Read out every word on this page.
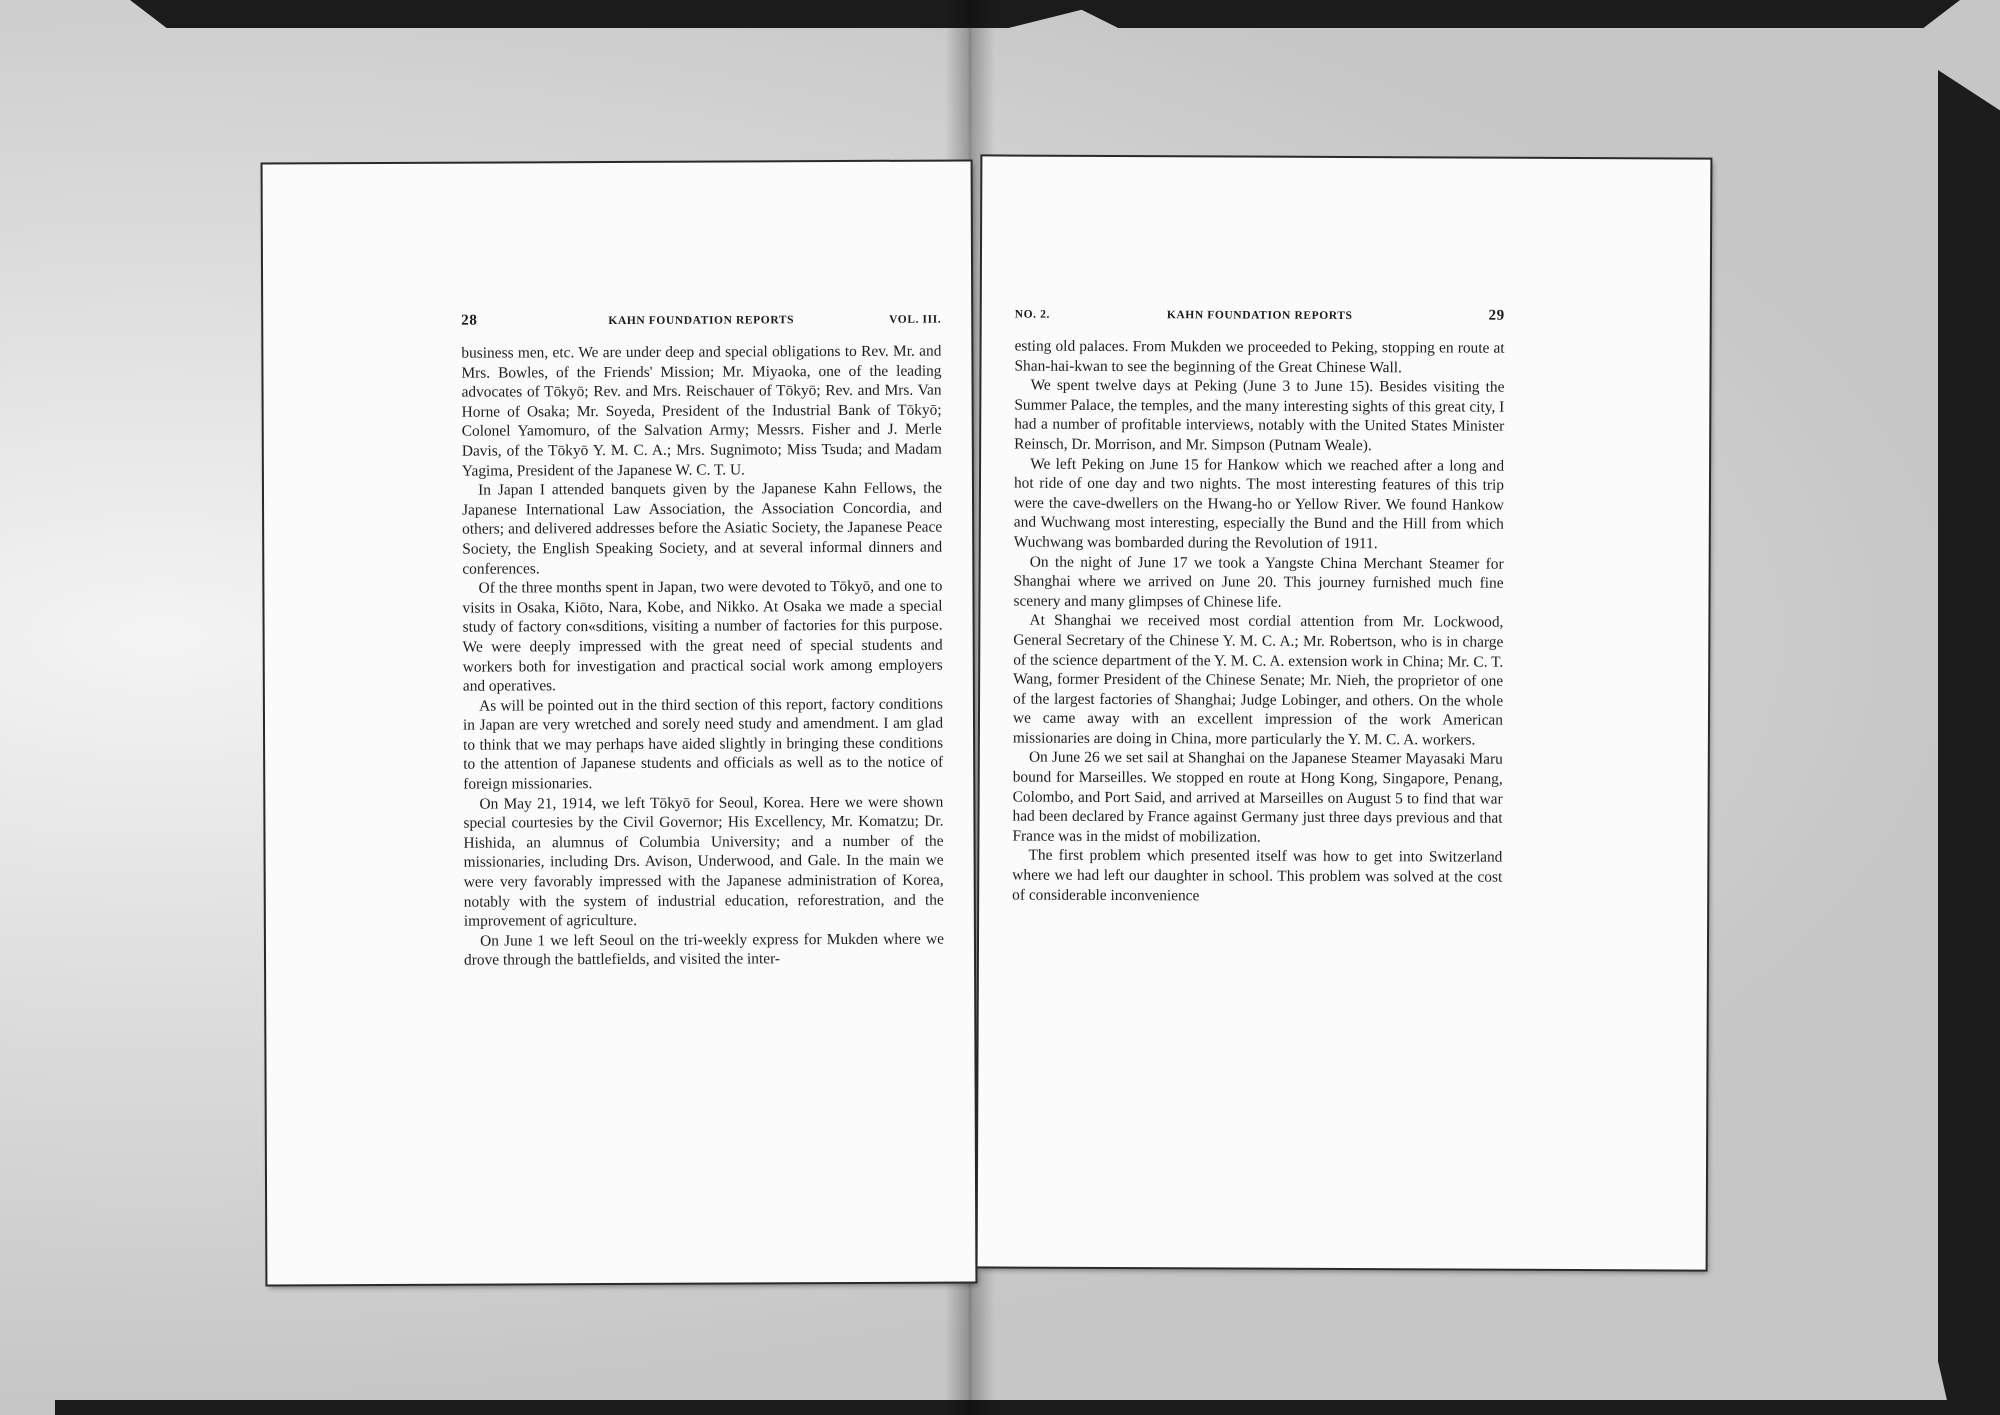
28	KAHN FOUNDATION REPORTS	VOL. III.

business men, etc. We are under deep and special obligations to Rev. Mr. and Mrs. Bowles, of the Friends' Mission; Mr. Miyaoka, one of the leading advocates of Tōkyō; Rev. and Mrs. Reischauer of Tōkyō; Rev. and Mrs. Van Horne of Osaka; Mr. Soyeda, President of the Industrial Bank of Tōkyō; Colonel Yamomuro, of the Salvation Army; Messrs. Fisher and J. Merle Davis, of the Tōkyō Y. M. C. A.; Mrs. Sugnimoto; Miss Tsuda; and Madam Yagima, President of the Japanese W. C. T. U.

In Japan I attended banquets given by the Japanese Kahn Fellows, the Japanese International Law Association, the Association Concordia, and others; and delivered addresses before the Asiatic Society, the Japanese Peace Society, the English Speaking Society, and at several informal dinners and conferences.

Of the three months spent in Japan, two were devoted to Tōkyō, and one to visits in Osaka, Kiōto, Nara, Kobe, and Nikko. At Osaka we made a special study of factory con«sditions, visiting a number of factories for this purpose. We were deeply impressed with the great need of special students and workers both for investigation and practical social work among employers and operatives.

As will be pointed out in the third section of this report, factory conditions in Japan are very wretched and sorely need study and amendment. I am glad to think that we may perhaps have aided slightly in bringing these conditions to the attention of Japanese students and officials as well as to the notice of foreign missionaries.

On May 21, 1914, we left Tōkyō for Seoul, Korea. Here we were shown special courtesies by the Civil Governor; His Excellency, Mr. Komatzu; Dr. Hishida, an alumnus of Columbia University; and a number of the missionaries, including Drs. Avison, Underwood, and Gale. In the main we were very favorably impressed with the Japanese administration of Korea, notably with the system of industrial education, reforestration, and the improvement of agriculture.

On June 1 we left Seoul on the tri-weekly express for Mukden where we drove through the battlefields, and visited the inter-

NO. 2.	KAHN FOUNDATION REPORTS	29

esting old palaces. From Mukden we proceeded to Peking, stopping en route at Shan-hai-kwan to see the beginning of the Great Chinese Wall.

We spent twelve days at Peking (June 3 to June 15). Besides visiting the Summer Palace, the temples, and the many interesting sights of this great city, I had a number of profitable interviews, notably with the United States Minister Reinsch, Dr. Morrison, and Mr. Simpson (Putnam Weale).

We left Peking on June 15 for Hankow which we reached after a long and hot ride of one day and two nights. The most interesting features of this trip were the cave-dwellers on the Hwang-ho or Yellow River. We found Hankow and Wuchwang most interesting, especially the Bund and the Hill from which Wuchwang was bombarded during the Revolution of 1911.

On the night of June 17 we took a Yangste China Merchant Steamer for Shanghai where we arrived on June 20. This journey furnished much fine scenery and many glimpses of Chinese life.

At Shanghai we received most cordial attention from Mr. Lockwood, General Secretary of the Chinese Y. M. C. A.; Mr. Robertson, who is in charge of the science department of the Y. M. C. A. extension work in China; Mr. C. T. Wang, former President of the Chinese Senate; Mr. Nieh, the proprietor of one of the largest factories of Shanghai; Judge Lobinger, and others. On the whole we came away with an excellent impression of the work American missionaries are doing in China, more particularly the Y. M. C. A. workers.

On June 26 we set sail at Shanghai on the Japanese Steamer Mayasaki Maru bound for Marseilles. We stopped en route at Hong Kong, Singapore, Penang, Colombo, and Port Said, and arrived at Marseilles on August 5 to find that war had been declared by France against Germany just three days previous and that France was in the midst of mobilization.

The first problem which presented itself was how to get into Switzerland where we had left our daughter in school. This problem was solved at the cost of considerable inconvenience
